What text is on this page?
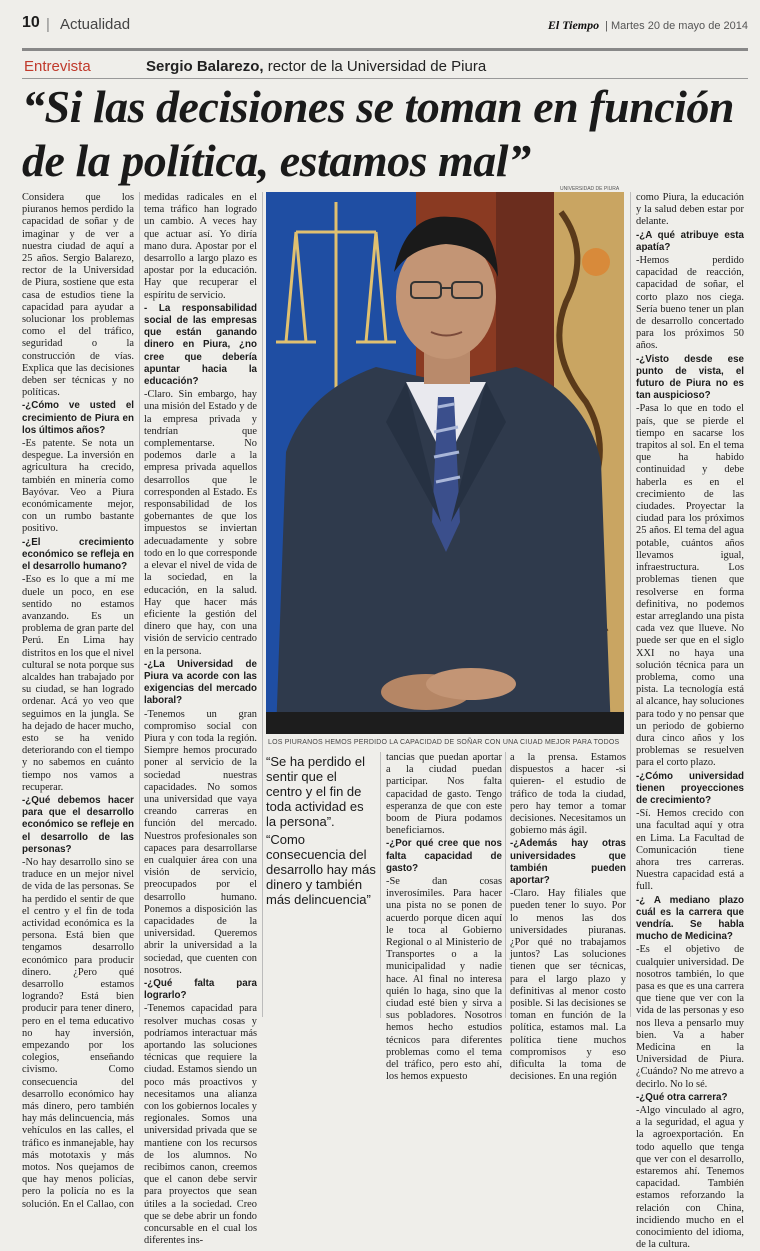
10
| Actualidad	El Tiempo | Martes 20 de mayo de 2014
Entrevista	Sergio Balarezo, rector de la Universidad de Piura
“Si las decisiones se toman en función de la política, estamos mal”

Considera que los piuranos hemos perdido la capacidad de soñar y de imaginar y de ver a nuestra ciudad de aquí a 25 años. Sergio Balarezo, rector de la Universidad de Piura, sostiene que esta casa de estudios tiene la capacidad para ayudar a solucionar los problemas como el del tráfico, seguridad o la construcción de vías. Explica que las decisiones deben ser técnicas y no políticas.

-¿Cómo ve usted el crecimiento de Piura en los últimos años?

-Es patente. Se nota un despegue. La inversión en agricultura ha crecido, también en minería como Bayóvar. Veo a Piura económicamente mejor, con un rumbo bastante positivo.

-¿El crecimiento económico se refleja en el desarrollo humano?

-Eso es lo que a mí me duele un poco, en ese sentido no estamos avanzando. Es un problema de gran parte del Perú. En Lima hay distritos en los que el nivel cultural se nota porque sus alcaldes han trabajado por su ciudad, se han logrado ordenar. Acá yo veo que seguimos en la jungla. Se ha dejado de hacer mucho, esto se ha venido deteriorando con el tiempo y no sabemos en cuánto tiempo nos vamos a recuperar.

-¿Qué debemos hacer para que el desarrollo económico se refleje en el desarrollo de las personas?

-No hay desarrollo sino se traduce en un mejor nivel de vida de las personas. Se ha perdido el sentir de que el centro y el fin de toda actividad económica es la persona. Está bien que tengamos desarrollo económico para producir dinero. ¿Pero qué desarrollo estamos logrando? Está bien producir para tener dinero, pero en el tema educativo no hay inversión, empezando por los colegios, enseñando civismo. Como consecuencia del desarrollo económico hay más dinero, pero también hay más delincuencia, más vehículos en las calles, el tráfico es inmanejable, hay más mototaxis y más motos. Nos quejamos de que hay menos policías, pero la policía no es la solución. En el Callao, con

medidas radicales en el tema tráfico han logrado un cambio. A veces hay que actuar así. Yo diría mano dura. Apostar por el desarrollo a largo plazo es apostar por la educación. Hay que recuperar el espíritu de servicio.

- La responsabilidad social de las empresas que están ganando dinero en Piura, ¿no cree que debería apuntar hacia la educación?

-Claro. Sin embargo, hay una misión del Estado y de la empresa privada y tendrían que complementarse. No podemos darle a la empresa privada aquellos desarrollos que le corresponden al Estado. Es responsabilidad de los gobernantes de que los impuestos se inviertan adecuadamente y sobre todo en lo que corresponde a elevar el nivel de vida de la sociedad, en la educación, en la salud. Hay que hacer más eficiente la gestión del dinero que hay, con una visión de servicio centrado en la persona.

-¿La Universidad de Piura va acorde con las exigencias del mercado laboral?

-Tenemos un gran compromiso social con Piura y con toda la región. Siempre hemos procurado poner al servicio de la sociedad nuestras capacidades. No somos una universidad que vaya creando carreras en función del mercado. Nuestros profesionales son capaces para desarrollarse en cualquier área con una visión de servicio, preocupados por el desarrollo humano. Ponemos a disposición las capacidades de la universidad. Queremos abrir la universidad a la sociedad, que cuenten con nosotros.

-¿Qué falta para lograrlo?

-Tenemos capacidad para resolver muchas cosas y podríamos interactuar más aportando las soluciones técnicas que requiere la ciudad. Estamos siendo un poco más proactivos y necesitamos una alianza con los gobiernos locales y regionales. Somos una universidad privada que se mantiene con los recursos de los alumnos. No recibimos canon, creemos que el canon debe servir para proyectos que sean útiles a la sociedad. Creo que se debe abrir un fondo concursable en el cual los diferentes ins-

UNIVERSIDAD DE PIURA
LOS PIURANOS HEMOS PERDIDO LA CAPACIDAD DE SOÑAR CON UNA CIUAD MEJOR PARA TODOS
“Se ha perdido el sentir que el centro y el fin de toda actividad es la persona”.
“Como consecuencia del desarrollo hay más dinero y también más delincuencia”

tancias que puedan aportar a la ciudad puedan participar. Nos falta capacidad de gasto. Tengo esperanza de que con este boom de Piura podamos beneficiarnos.

-¿Por qué cree que nos falta capacidad de gasto?

-Se dan cosas inverosímiles. Para hacer una pista no se ponen de acuerdo porque dicen aquí le toca al Gobierno Regional o al Ministerio de Transportes o a la municipalidad y nadie hace. Al final no interesa quién lo haga, sino que la ciudad esté bien y sirva a sus pobladores. Nosotros hemos hecho estudios técnicos para diferentes problemas como el tema del tráfico, pero esto ahí, los hemos expuesto

a la prensa. Estamos dispuestos a hacer -si quieren- el estudio de tráfico de toda la ciudad, pero hay temor a tomar decisiones. Necesitamos un gobierno más ágil.

-¿Además hay otras universidades que también pueden aportar?

-Claro. Hay filiales que pueden tener lo suyo. Por lo menos las dos universidades piuranas. ¿Por qué no trabajamos juntos? Las soluciones tienen que ser técnicas, para el largo plazo y definitivas al menor costo posible. Si las decisiones se toman en función de la política, estamos mal. La política tiene muchos compromisos y eso dificulta la toma de decisiones. En una región

como Piura, la educación y la salud deben estar por delante.

-¿A qué atribuye esta apatía?

-Hemos perdido capacidad de reacción, capacidad de soñar, el corto plazo nos ciega. Sería bueno tener un plan de desarrollo concertado para los próximos 50 años.

-¿Visto desde ese punto de vista, el futuro de Piura no es tan auspicioso?

-Pasa lo que en todo el país, que se pierde el tiempo en sacarse los trapitos al sol. En el tema que ha habido continuidad y debe haberla es en el crecimiento de las ciudades. Proyectar la ciudad para los próximos 25 años. El tema del agua potable, cuántos años llevamos igual, infraestructura. Los problemas tienen que resolverse en forma definitiva, no podemos estar arreglando una pista cada vez que llueve. No puede ser que en el siglo XXI no haya una solución técnica para un problema, como una pista. La tecnología está al alcance, hay soluciones para todo y no pensar que un periodo de gobierno dura cinco años y los problemas se resuelven para el corto plazo.

-¿Cómo universidad tienen proyecciones de crecimiento?

-Sí. Hemos crecido con una facultad aquí y otra en Lima. La Facultad de Comunicación tiene ahora tres carreras. Nuestra capacidad está a full.

-¿ A mediano plazo cuál es la carrera que vendría. Se habla mucho de Medicina?

-Es el objetivo de cualquier universidad. De nosotros también, lo que pasa es que es una carrera que tiene que ver con la vida de las personas y eso nos lleva a pensarlo muy bien. Va a haber Medicina en la Universidad de Piura. ¿Cuándo? No me atrevo a decirlo. No lo sé.

-¿Qué otra carrera?

-Algo vinculado al agro, a la seguridad, el agua y la agroexportación. En todo aquello que tenga que ver con el desarrollo, estaremos ahí. Tenemos capacidad. También estamos reforzando la relación con China, incidiendo mucho en el conocimiento del idioma, de la cultura.
